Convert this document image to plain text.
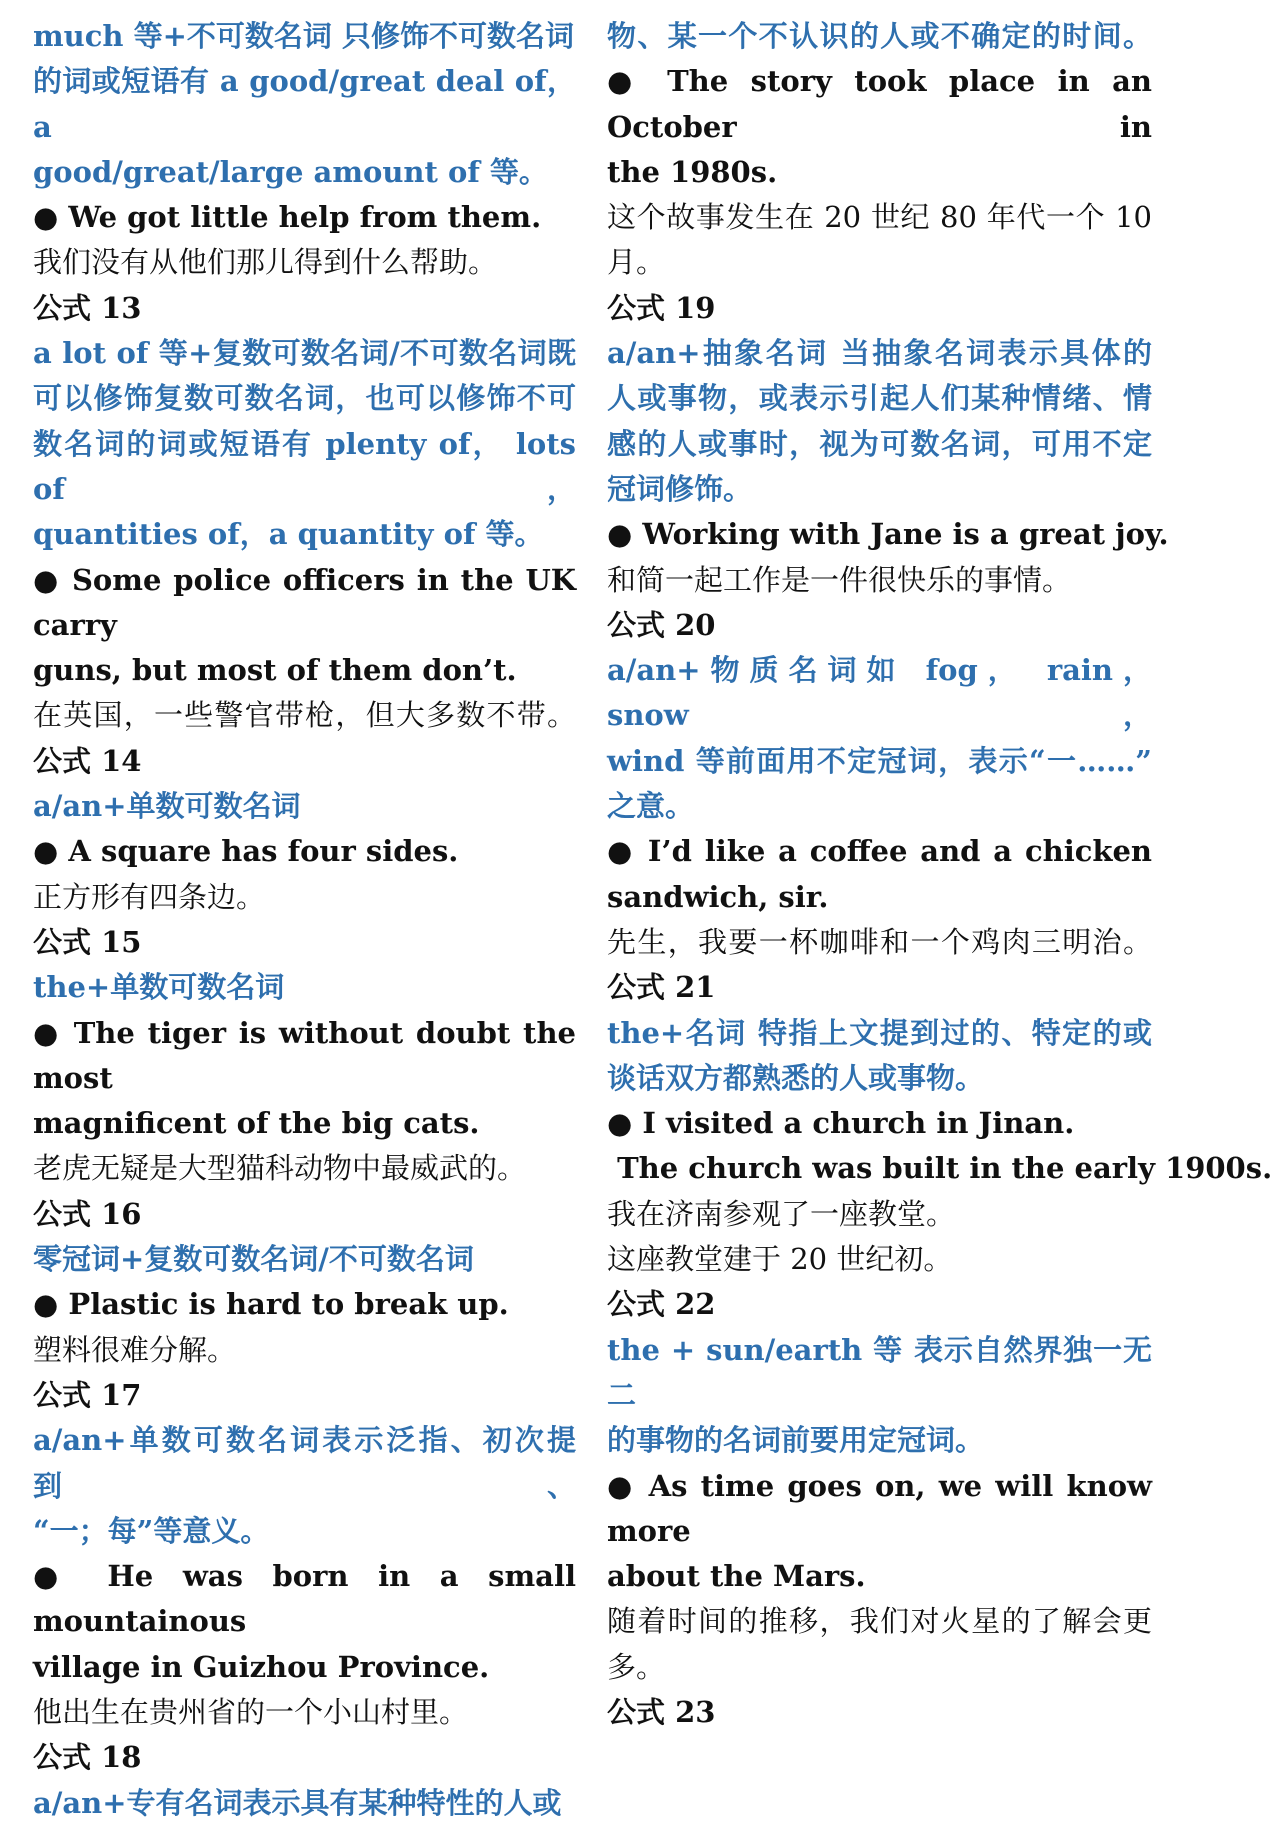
much 等+不可数名词 只修饰不可数名词
的词或短语有 a good/great deal of， a
good/great/large amount of 等。
● We got little help from them.
我们没有从他们那儿得到什么帮助。
公式 13
a lot of 等+复数可数名词/不可数名词既
可以修饰复数可数名词，也可以修饰不可
数名词的词或短语有 plenty of， lots of，
quantities of，a quantity of 等。
● Some police officers in the UK carry
guns, but most of them don’t.
在英国，一些警官带枪，但大多数不带。
公式 14
a/an+单数可数名词
● A square has four sides.
正方形有四条边。
公式 15
the+单数可数名词
● The tiger is without doubt the most
magnificent of the big cats.
老虎无疑是大型猫科动物中最威武的。
公式 16
零冠词+复数可数名词/不可数名词
● Plastic is hard to break up.
塑料很难分解。
公式 17
a/an+单数可数名词表示泛指、初次提到、
“一；每”等意义。
● He was born in a small mountainous
village in Guizhou Province.
他出生在贵州省的一个小山村里。
公式 18
a/an+专有名词表示具有某种特性的人或
物、某一个不认识的人或不确定的时间。
● The story took place in an October in
the 1980s.
这个故事发生在 20 世纪 80 年代一个 10
月。
公式 19
a/an+抽象名词 当抽象名词表示具体的
人或事物，或表示引起人们某种情绪、情
感的人或事时，视为可数名词，可用不定
冠词修饰。
● Working with Jane is a great joy.
和简一起工作是一件很快乐的事情。
公式 20
a/an+物质名词如 fog， rain， snow，
wind 等前面用不定冠词，表示“一……”
之意。
● I’d like a coffee and a chicken
sandwich, sir.
先生，我要一杯咖啡和一个鸡肉三明治。
公式 21
the+名词 特指上文提到过的、特定的或
谈话双方都熟悉的人或事物。
● I visited a church in Jinan.
The church was built in the early 1900s.
我在济南参观了一座教堂。
这座教堂建于 20 世纪初。
公式 22
the + sun/earth 等 表示自然界独一无二
的事物的名词前要用定冠词。
● As time goes on, we will know more
about the Mars.
随着时间的推移，我们对火星的了解会更
多。
公式 23
